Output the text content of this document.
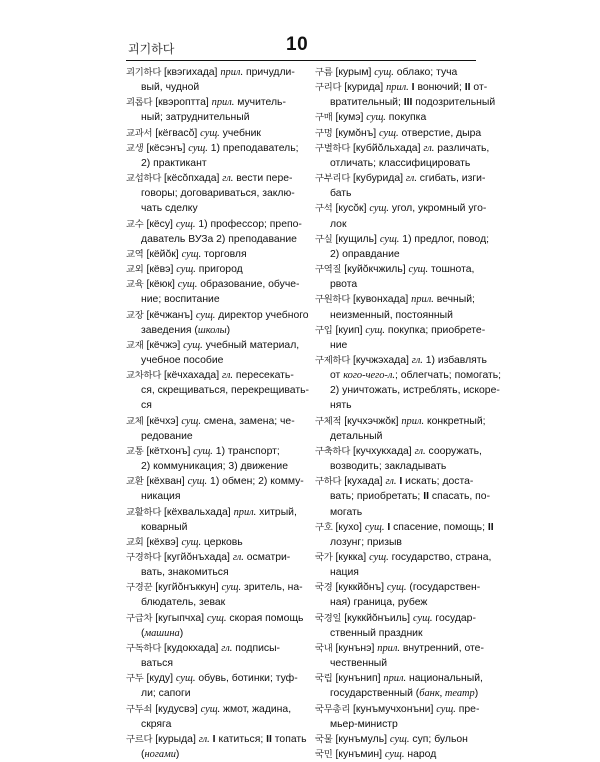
괴기하다	10

괴기하다 [квэгихада] прил. причудли-
вый, чудной

괴롭다 [квэроптта] прил. мучитель-
ный; затруднительный

교과서 [кёгвасŏ] сущ. учебник

교생 [кёсэнъ] сущ. 1) преподаватель;
2) практикант

교섭하다 [кёсŏпхада] гл. вести перe-
говоры; договариваться, заклю-
чать сделку

교수 [кёсу] сущ. 1) профессор; препо-
даватель ВУЗа 2) преподавание

교역 [кёйŏк] сущ. торговля

교외 [кёвэ] сущ. пригород

교육 [кёюк] сущ. образование, обучe-
ние; воспитание

교장 [кёчжанъ] сущ. директор учебного
заведения (школы)

교재 [кёчжэ] сущ. учебный материал,
учебное пособие

교차하다 [кёчхахада] гл. пересекать-
ся, скрещиваться, перекрещивать-
ся

교체 [кёчхэ] сущ. смена, замена; че-
редование

교통 [кётхонъ] сущ. 1) транспорт;
2) коммуникация; 3) движение

교환 [кёхван] сущ. 1) обмен; 2) комму-
никация

교활하다 [кёхвальхада] прил. хитрый,
коварный

교회 [кёхвэ] сущ. церковь

구경하다 [кугйŏнъхада] гл. осматри-
вать, знакомиться

구경꾼 [кугйŏнъккун] сущ. зритель, на-
блюдатель, зевак

구급차 [кугыпчха] сущ. скорая помощь
(машина)

구독하다 [кудокхада] гл. подписы-
ваться

구두 [куду] сущ. обувь, ботинки; туф-
ли; сапоги

구두쇠 [кудусвэ] сущ. жмот, жадина,
скряга

구르다 [курыда] гл. I катиться; II топать
(ногами)

구름 [курым] сущ. облако; туча

구리다 [курида] прил. I вонючий; II от-
вратительный; III подозрительный

구매 [кумэ] сущ. покупка

구멍 [кумŏнъ] сущ. отверстие, дыра

구별하다 [кубйŏльхада] гл. различать,
отличать; классифицировать

구부리다 [кубурида] гл. сгибать, изги-
бать

구석 [кусŏк] сущ. угол, укромный уго-
лок

구실 [кущиль] сущ. 1) предлог, повод;
2) оправдание

구역질 [куйŏкчжиль] сущ. тошнота,
рвота

구원하다 [кувонхада] прил. вечный;
неизменный, постоянный

구입 [куип] сущ. покупка; приобрете-
ние

구제하다 [кучжэхада] гл. 1) избавлять
от кого-чего-л.; облегчать; помогать;
2) уничтожать, истреблять, искоре-
нять

구체적 [кучхэчжŏк] прил. конкретный;
детальный

구축하다 [кучхукхада] гл. сооружать,
возводить; закладывать

구하다 [кухада] гл. I искать; доста-
вать; приобретать; II спасать, по-
могать

구호 [кухо] сущ. I спасение, помощь; II
лозунг; призыв

국가 [кукка] сущ. государство, страна,
нация

국경 [куккйŏнъ] сущ. (государствен-
ная) граница, рубеж

국경일 [куккйŏнъиль] сущ. государ-
ственный праздник

국내 [кунънэ] прил. внутренний, оте-
чественный

국립 [кунънип] прил. национальный,
государственный (банк, театр)

국무총리 [кунъмучхонъни] сущ. пре-
мьер-министр

국물 [кунъмуль] сущ. суп; бульон

국민 [кунъмин] сущ. народ
